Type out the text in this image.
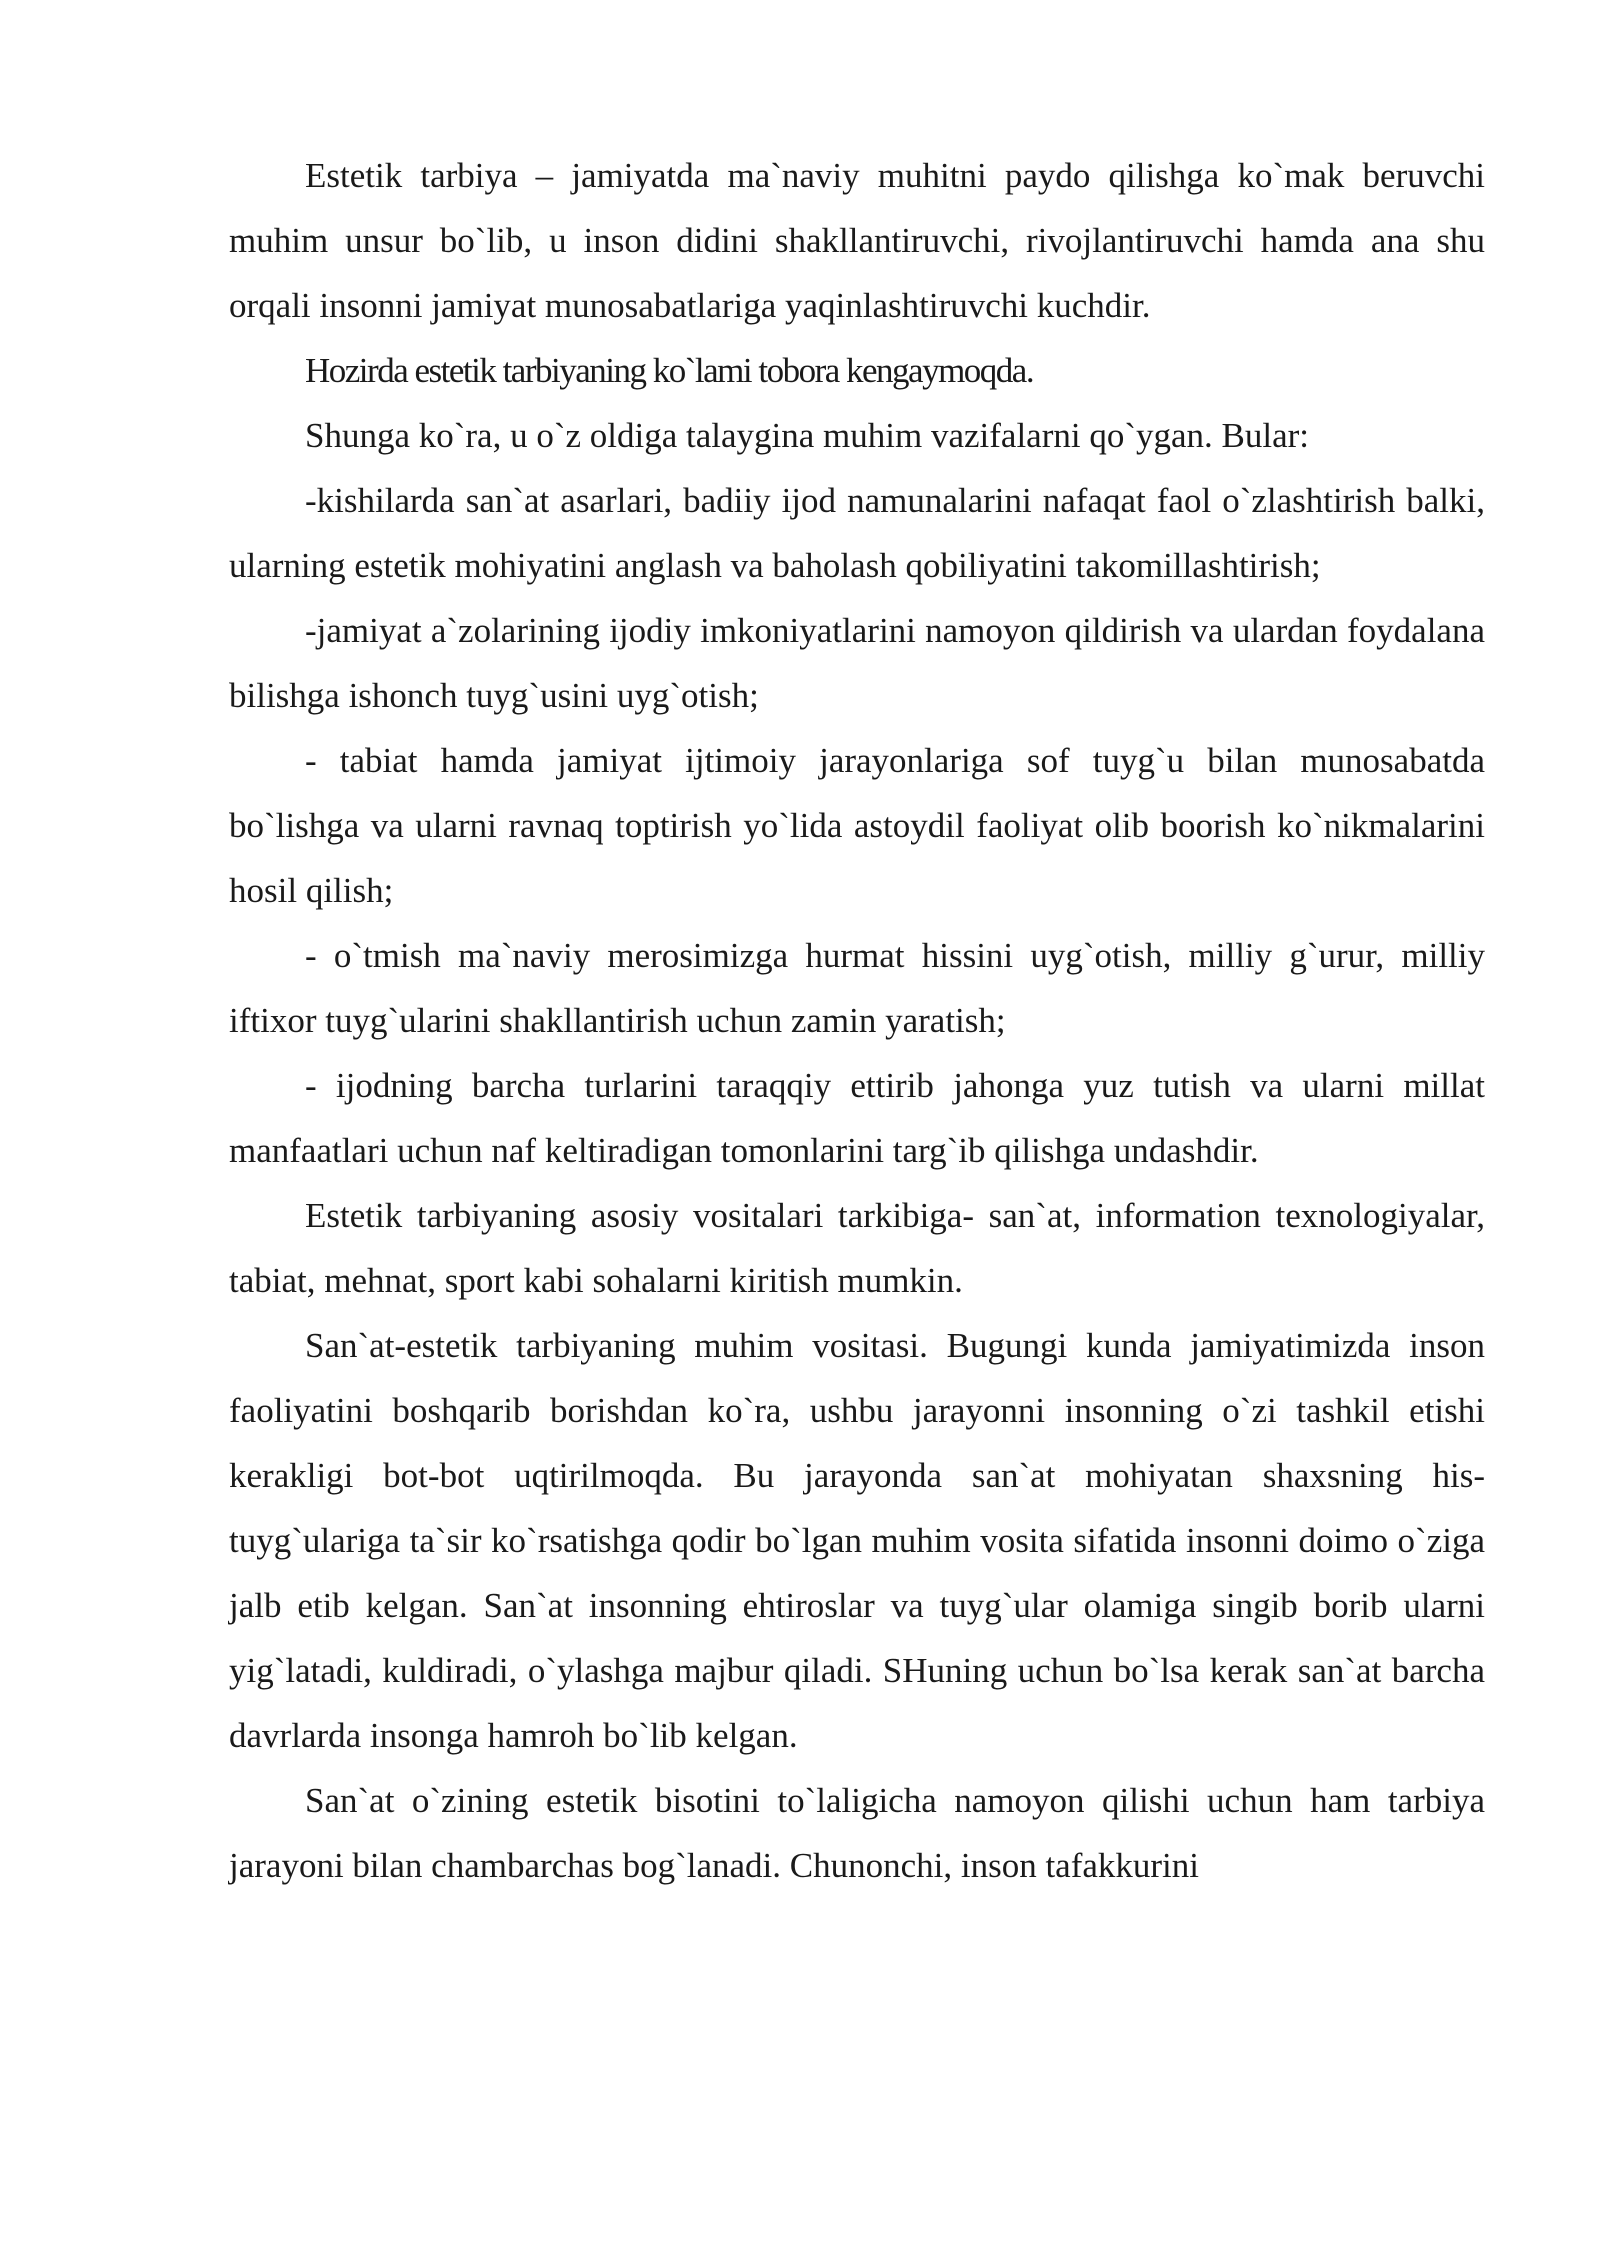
Estetik tarbiya – jamiyatda ma`naviy muhitni paydo qilishga ko`mak beruvchi muhim unsur bo`lib, u inson didini shakllantiruvchi, rivojlantiruvchi hamda ana shu orqali insonni jamiyat munosabatlariga yaqinlashtiruvchi kuchdir.

Hozirda estetik tarbiyaning ko`lami tobora kengaymoqda.

Shunga ko`ra, u o`z oldiga talaygina muhim vazifalarni qo`ygan. Bular:

-kishilarda san`at asarlari, badiiy ijod namunalarini nafaqat faol o`zlashtirish balki, ularning estetik mohiyatini anglash va baholash qobiliyatini takomillashtirish;

-jamiyat a`zolarining ijodiy imkoniyatlarini namoyon qildirish va ulardan foydalana bilishga ishonch tuyg`usini uyg`otish;

- tabiat hamda jamiyat ijtimoiy jarayonlariga sof tuyg`u bilan munosabatda bo`lishga va ularni ravnaq toptirish yo`lida astoydil faoliyat olib boorish ko`nikmalarini hosil qilish;

- o`tmish ma`naviy merosimizga hurmat hissini uyg`otish, milliy g`urur, milliy iftixor tuyg`ularini shakllantirish uchun zamin yaratish;

- ijodning barcha turlarini taraqqiy ettirib jahonga yuz tutish va ularni millat manfaatlari uchun naf keltiradigan tomonlarini targ`ib qilishga undashdir.

Estetik tarbiyaning asosiy vositalari tarkibiga- san`at, information texnologiyalar, tabiat, mehnat, sport kabi sohalarni kiritish mumkin.

San`at-estetik tarbiyaning muhim vositasi. Bugungi kunda jamiyatimizda inson faoliyatini boshqarib borishdan ko`ra, ushbu jarayonni insonning o`zi tashkil etishi kerakligi bot-bot uqtirilmoqda. Bu jarayonda san`at mohiyatan shaxsning his-tuyg`ulariga ta`sir ko`rsatishga qodir bo`lgan muhim vosita sifatida insonni doimo o`ziga jalb etib kelgan. San`at insonning ehtiroslar va tuyg`ular olamiga singib borib ularni yig`latadi, kuldiradi, o`ylashga majbur qiladi. SHuning uchun bo`lsa kerak san`at barcha davrlarda insonga hamroh bo`lib kelgan.

San`at o`zining estetik bisotini to`laligicha namoyon qilishi uchun ham tarbiya jarayoni bilan chambarchas bog`lanadi. Chunonchi, inson tafakkurini
